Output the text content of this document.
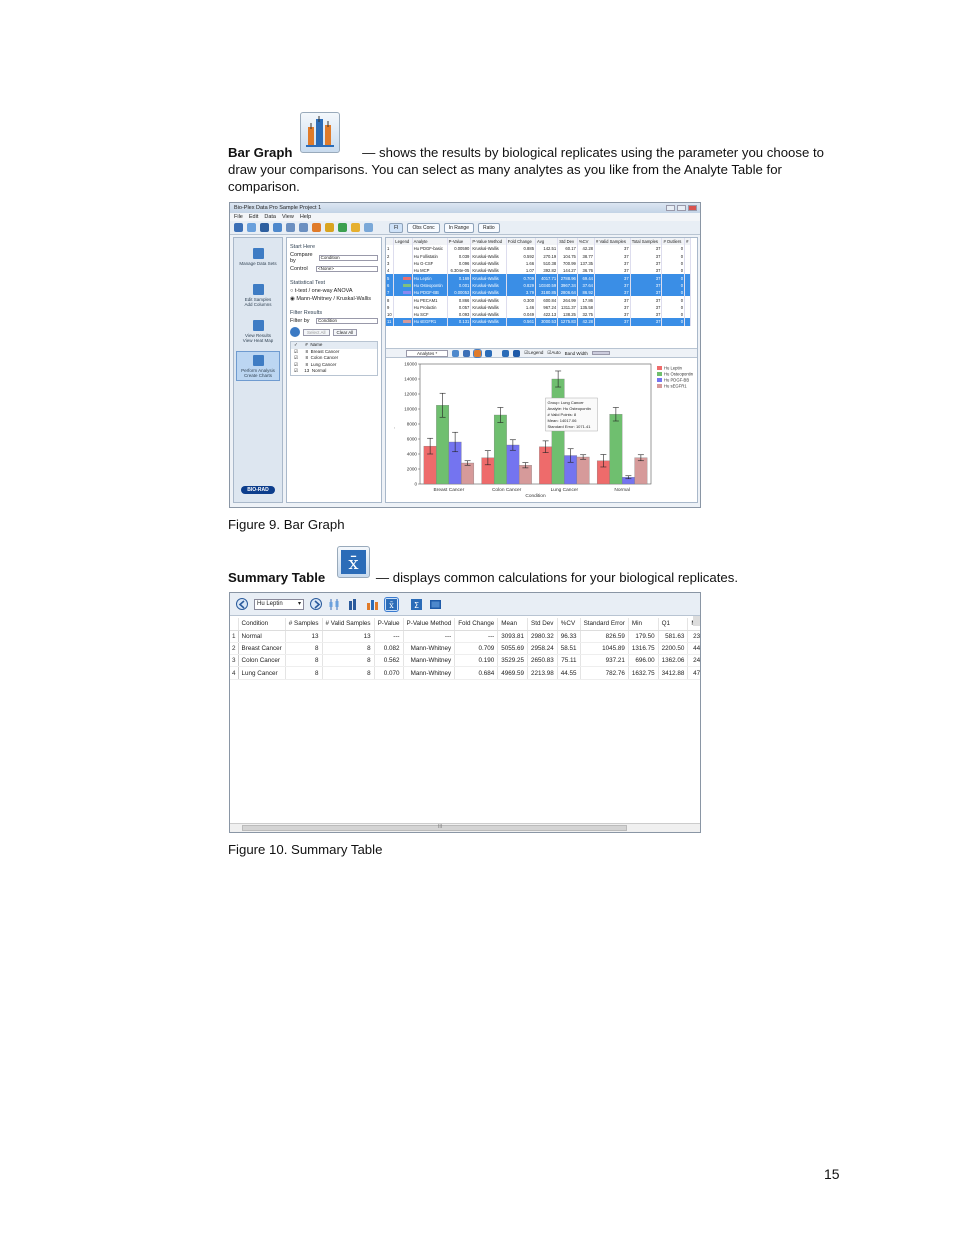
Bar Graph	— shows the results by biological replicates using the parameter you choose to draw your comparisons. You can select as many analytes as you like from the Analyte Table for comparison.
Bio-Plex Data Pro Sample Project 1
File Edit Data View Help
FI	Obs Conc	In Range	Ratio
Manage Data Sets
Edit Samples
Add Columns
View Results
View Heat Map
Perform Analysis
Create Charts
BIO-RAD
Start Here
Compare by
Condition
Control	<None>
Statistical Test
○ t-test / one-way ANOVA
◉ Mann-Whitney / Kruskal-Wallis
Filter Results
Filter by	Condition
Select All	Clear All
✓      # Name
☑      8 Breast Cancer
☑      8 Colon Cancer
☑      8 Lung Cancer
☑     13 Normal
	Legend	Analyte	P-Value	P-Value Method	Fold Change	Avg	Std Dev	%CV	# Valid Samples	Total Samples	# Outliers	#
1		Hu PDGF-basic	0.00590	Kruskal-Wallis	0.885	142.51	60.17	42.28	37	37	0	
2		Hu Follistatin	0.039	Kruskal-Wallis	0.592	270.19	104.75	38.77	37	37	0	
3		Hu G-CSF	0.096	Kruskal-Wallis	1.66	510.38	700.99	137.35	37	37	0	
4		Hu MCP	6.304e-05	Kruskal-Wallis	1.07	392.82	144.27	36.76	37	37	0	
5		Hu Leptin	0.169	Kruskal-Wallis	0.709	4017.71	2788.96	69.44	37	37	0	
6		Hu Osteopontin	0.001	Kruskal-Wallis	0.829	10340.59	3967.34	37.64	37	37	0	
7		Hu PDGF-BB	0.00053	Kruskal-Wallis	3.79	3180.85	2806.64	86.92	37	37	0	
8		Hu PECAM1	0.866	Kruskal-Wallis	0.300	600.84	264.99	17.86	37	37	0	
9		Hu Prolactin	0.057	Kruskal-Wallis	1.46	967.24	1311.37	135.58	37	37	0	
10		Hu SCF	0.093	Kruskal-Wallis	0.049	422.13	138.25	32.75	37	37	0	
11		Hu sEGFR1	0.131	Kruskal-Wallis	0.561	3000.53	1275.83	42.28	37	37	0	
Analytes *	☑Legend ☑Auto Band Width
0
2000
4000
6000
8000
10000
12000
14000
16000
′
Breast Cancer	Colon Cancer	Lung Cancer	Normal
Condition
Hu Leptin
Hu Osteopontin
Hu PDGF-BB
Hu sEGFR1
Group: Lung Cancer
Analyte: Hu Osteopontin
# Valid Points: 8
Mean: 14017.06
Standard Error: 1071.41
Figure 9. Bar Graph
x̄
Summary Table	— displays common calculations for your biological replicates.
Hu Leptin ▾	x̄	Σ
	Condition	# Samples	# Valid Samples	P-Value	P-Value Method	Fold Change	Mean	Std Dev	%CV	Standard Error	Min	Q1	
1	Normal	13	13	---	---	---	3093.81	2980.32	96.33	826.59	179.50	581.63	23
2	Breast Cancer	8	8	0.082	Mann-Whitney	0.709	5055.69	2958.24	58.51	1045.89	1316.75	2200.50	44
3	Colon Cancer	8	8	0.562	Mann-Whitney	0.190	3529.25	2650.83	75.11	937.21	696.00	1362.06	24
4	Lung Cancer	8	8	0.070	Mann-Whitney	0.684	4969.59	2213.98	44.55	782.76	1632.75	3412.88	47
III
Figure 10. Summary Table
15
